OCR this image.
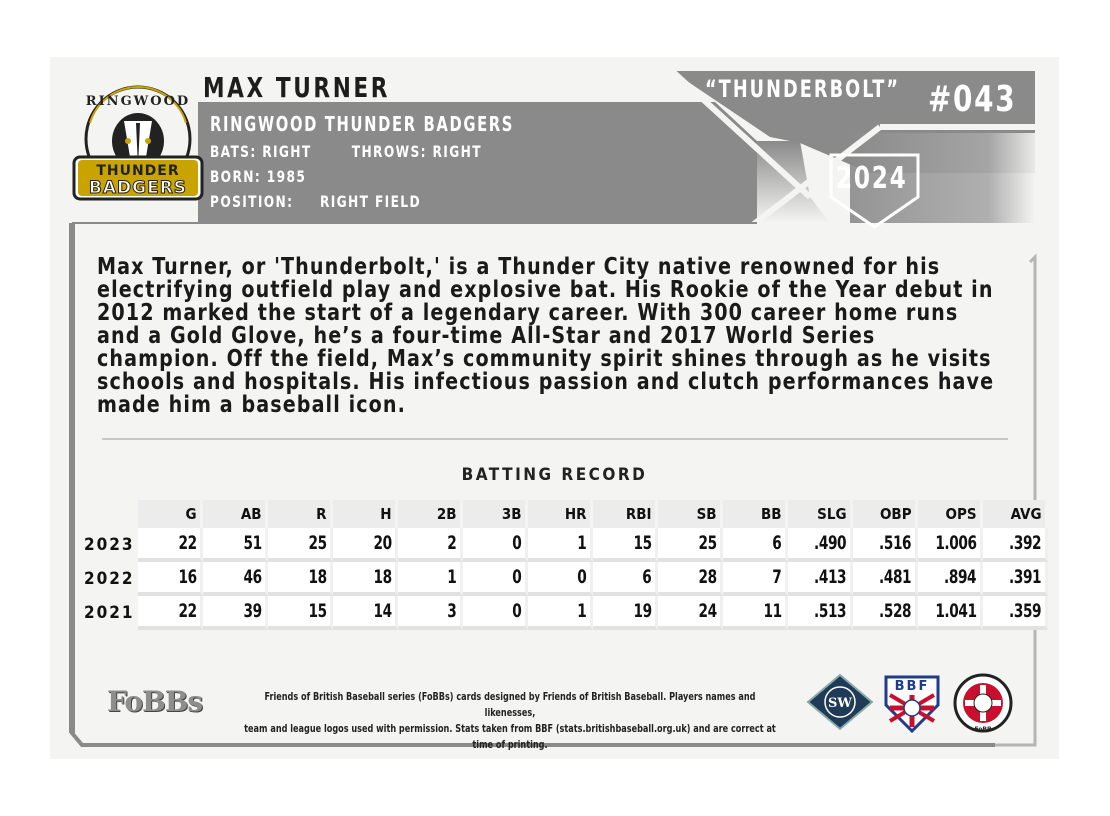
RINGWOOD
THUNDER
BADGERS
MAX TURNER
RINGWOOD THUNDER BADGERS
BATS: RIGHT	THROWS: RIGHT
BORN: 1985
POSITION: RIGHT FIELD
“THUNDERBOLT” #043
2024
Max Turner, or 'Thunderbolt,' is a Thunder City native renowned for his electrifying outfield play and explosive bat. His Rookie of the Year debut in 2012 marked the start of a legendary career. With 300 career home runs and a Gold Glove, he’s a four-time All-Star and 2017 World Series champion. Off the field, Max’s community spirit shines through as he visits schools and hospitals. His infectious passion and clutch performances have made him a baseball icon.
BATTING RECORD
	G	AB	R	H	2B	3B	HR	RBI	SB	BB	SLG	OBP	OPS	AVG
2023	22	51	25	20	2	0	1	15	25	6	.490	.516	1.006	.392
2022	16	46	18	18	1	0	0	6	28	7	.413	.481	.894	.391
2021	22	39	15	14	3	0	1	19	24	11	.513	.528	1.041	.359
FoBBs	Friends of British Baseball series (FoBBs) cards designed by Friends of British Baseball. Players names and likenesses,
team and league logos used with permission. Stats taken from BBF (stats.britishbaseball.org.uk) and are correct at time of printing.
SW
BBF
FoBB
